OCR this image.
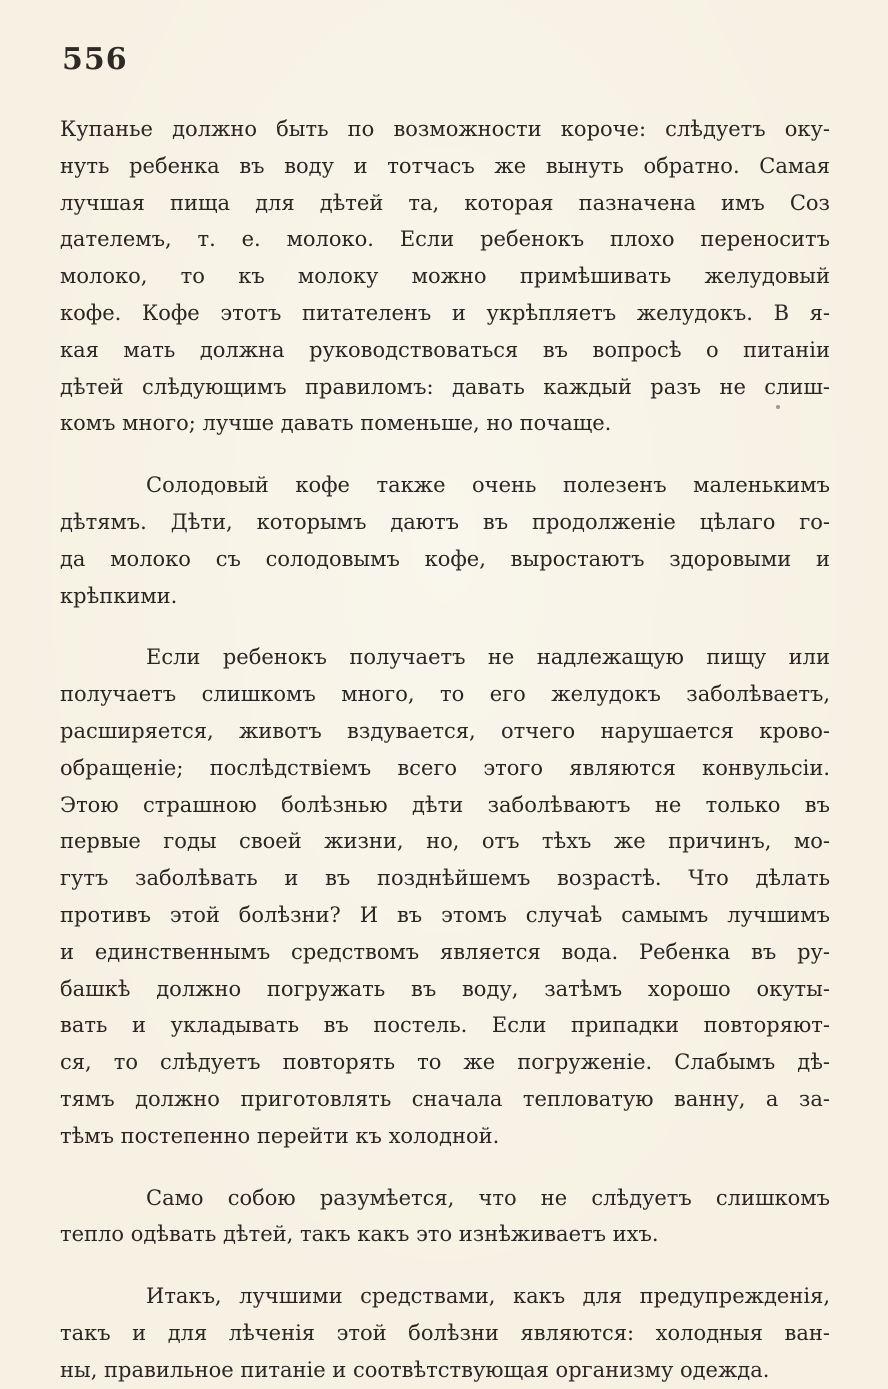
556
Купанье должно быть по возможности короче: слѣдуетъ оку-
нуть ребенка въ воду и тотчасъ же вынуть обратно. Самая
лучшая пища для дѣтей та, которая пазначена имъ Соз
дателемъ, т. е. молоко. Если ребенокъ плохо переноситъ
молоко, то къ молоку можно примѣшивать желудовый
кофе. Кофе этотъ питателенъ и укрѣпляетъ желудокъ. В я-
кая мать должна руководствоваться въ вопросѣ о питаніи
дѣтей слѣдующимъ правиломъ: давать каждый разъ не слиш-
комъ много; лучше давать поменьше, но почаще.
Солодовый кофе также очень полезенъ маленькимъ
дѣтямъ. Дѣти, которымъ даютъ въ продолженіе цѣлаго го-
да молоко съ солодовымъ кофе, выростаютъ здоровыми и
крѣпкими.
Если ребенокъ получаетъ не надлежащую пищу или
получаетъ слишкомъ много, то его желудокъ заболѣваетъ,
расширяется, животъ вздувается, отчего нарушается крово-
обращеніе; послѣдствіемъ всего этого являются конвульсіи.
Этою страшною болѣзнью дѣти заболѣваютъ не только въ
первые годы своей жизни, но, отъ тѣхъ же причинъ, мо-
гутъ заболѣвать и въ позднѣйшемъ возрастѣ. Что дѣлать
противъ этой болѣзни? И въ этомъ случаѣ самымъ лучшимъ
и единственнымъ средствомъ является вода. Ребенка въ ру-
башкѣ должно погружать въ воду, затѣмъ хорошо окуты-
вать и укладывать въ постель. Если припадки повторяют-
ся, то слѣдуетъ повторять то же погруженіе. Слабымъ дѣ-
тямъ должно приготовлять сначала тепловатую ванну, а за-
тѣмъ постепенно перейти къ холодной.
Само собою разумѣется, что не слѣдуетъ слишкомъ
тепло одѣвать дѣтей, такъ какъ это изнѣживаетъ ихъ.
Итакъ, лучшими средствами, какъ для предупрежденія,
такъ и для лѣченія этой болѣзни являются: холодныя ван-
ны, правильное питаніе и соотвѣтствующая организму одежда.
